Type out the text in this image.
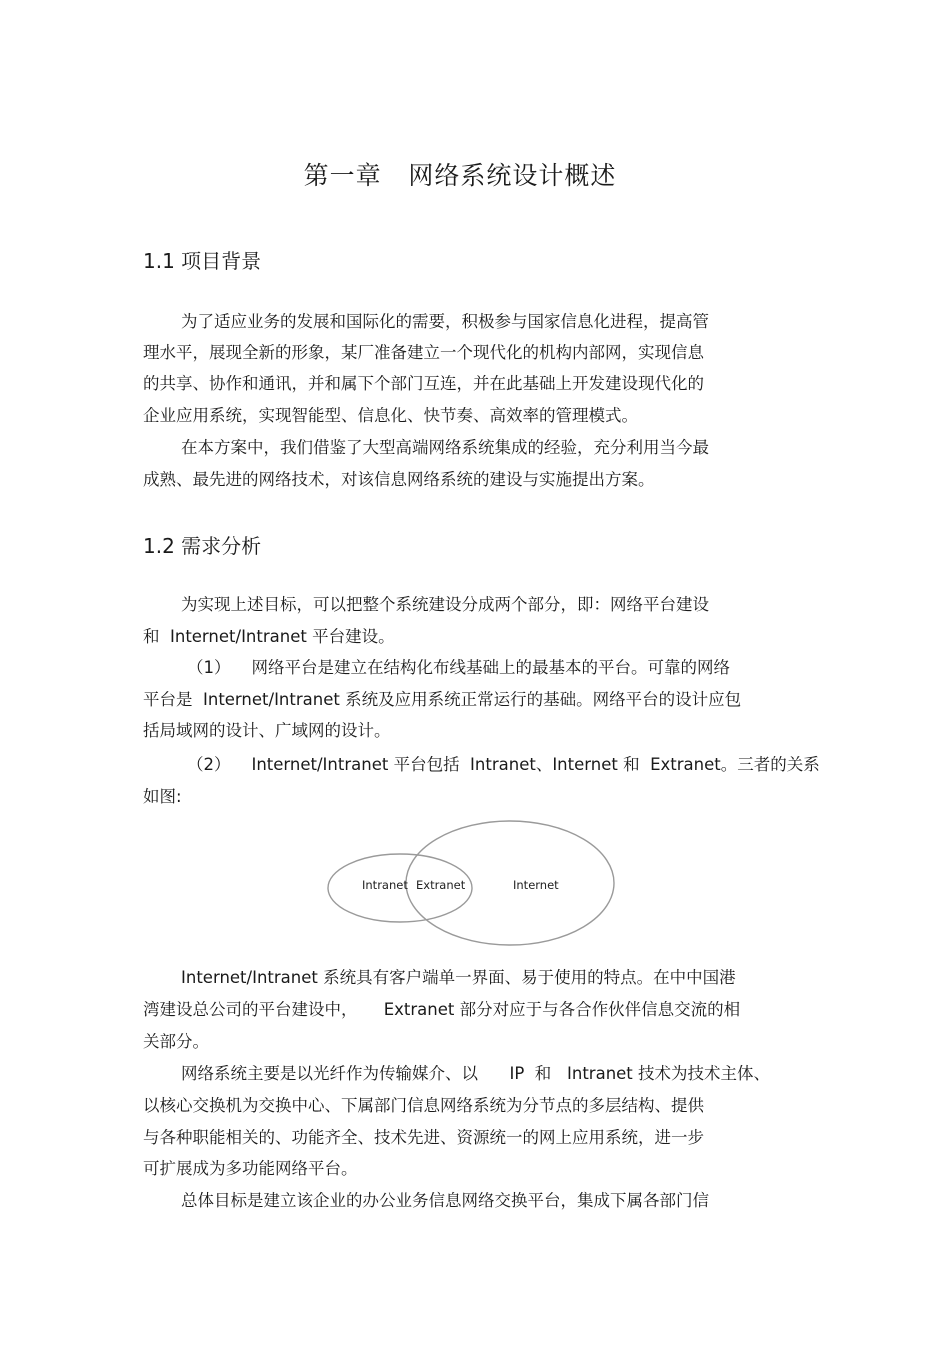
第一章   网络系统设计概述
1.1 项目背景

为了适应业务的发展和国际化的需要，积极参与国家信息化进程，提高管

理水平，展现全新的形象，某厂准备建立一个现代化的机构内部网，实现信息

的共享、协作和通讯，并和属下个部门互连，并在此基础上开发建设现代化的

企业应用系统，实现智能型、信息化、快节奏、高效率的管理模式。

在本方案中，我们借鉴了大型高端网络系统集成的经验，充分利用当今最

成熟、最先进的网络技术，对该信息网络系统的建设与实施提出方案。

1.2 需求分析

为实现上述目标，可以把整个系统建设分成两个部分，即：网络平台建设

和  Internet/Intranet 平台建设。

（1）    网络平台是建立在结构化布线基础上的最基本的平台。可靠的网络

平台是  Internet/Intranet 系统及应用系统正常运行的基础。网络平台的设计应包

括局域网的设计、广域网的设计。

（2）    Internet/Intranet 平台包括  Intranet、Internet 和  Extranet。三者的关系

如图:

Intranet Extranet	Internet

Internet/Intranet 系统具有客户端单一界面、易于使用的特点。在中中国港

湾建设总公司的平台建设中，     Extranet 部分对应于与各合作伙伴信息交流的相

关部分。

网络系统主要是以光纤作为传输媒介、以      IP  和   Intranet 技术为技术主体、

以核心交换机为交换中心、下属部门信息网络系统为分节点的多层结构、提供

与各种职能相关的、功能齐全、技术先进、资源统一的网上应用系统，进一步

可扩展成为多功能网络平台。

总体目标是建立该企业的办公业务信息网络交换平台，集成下属各部门信
